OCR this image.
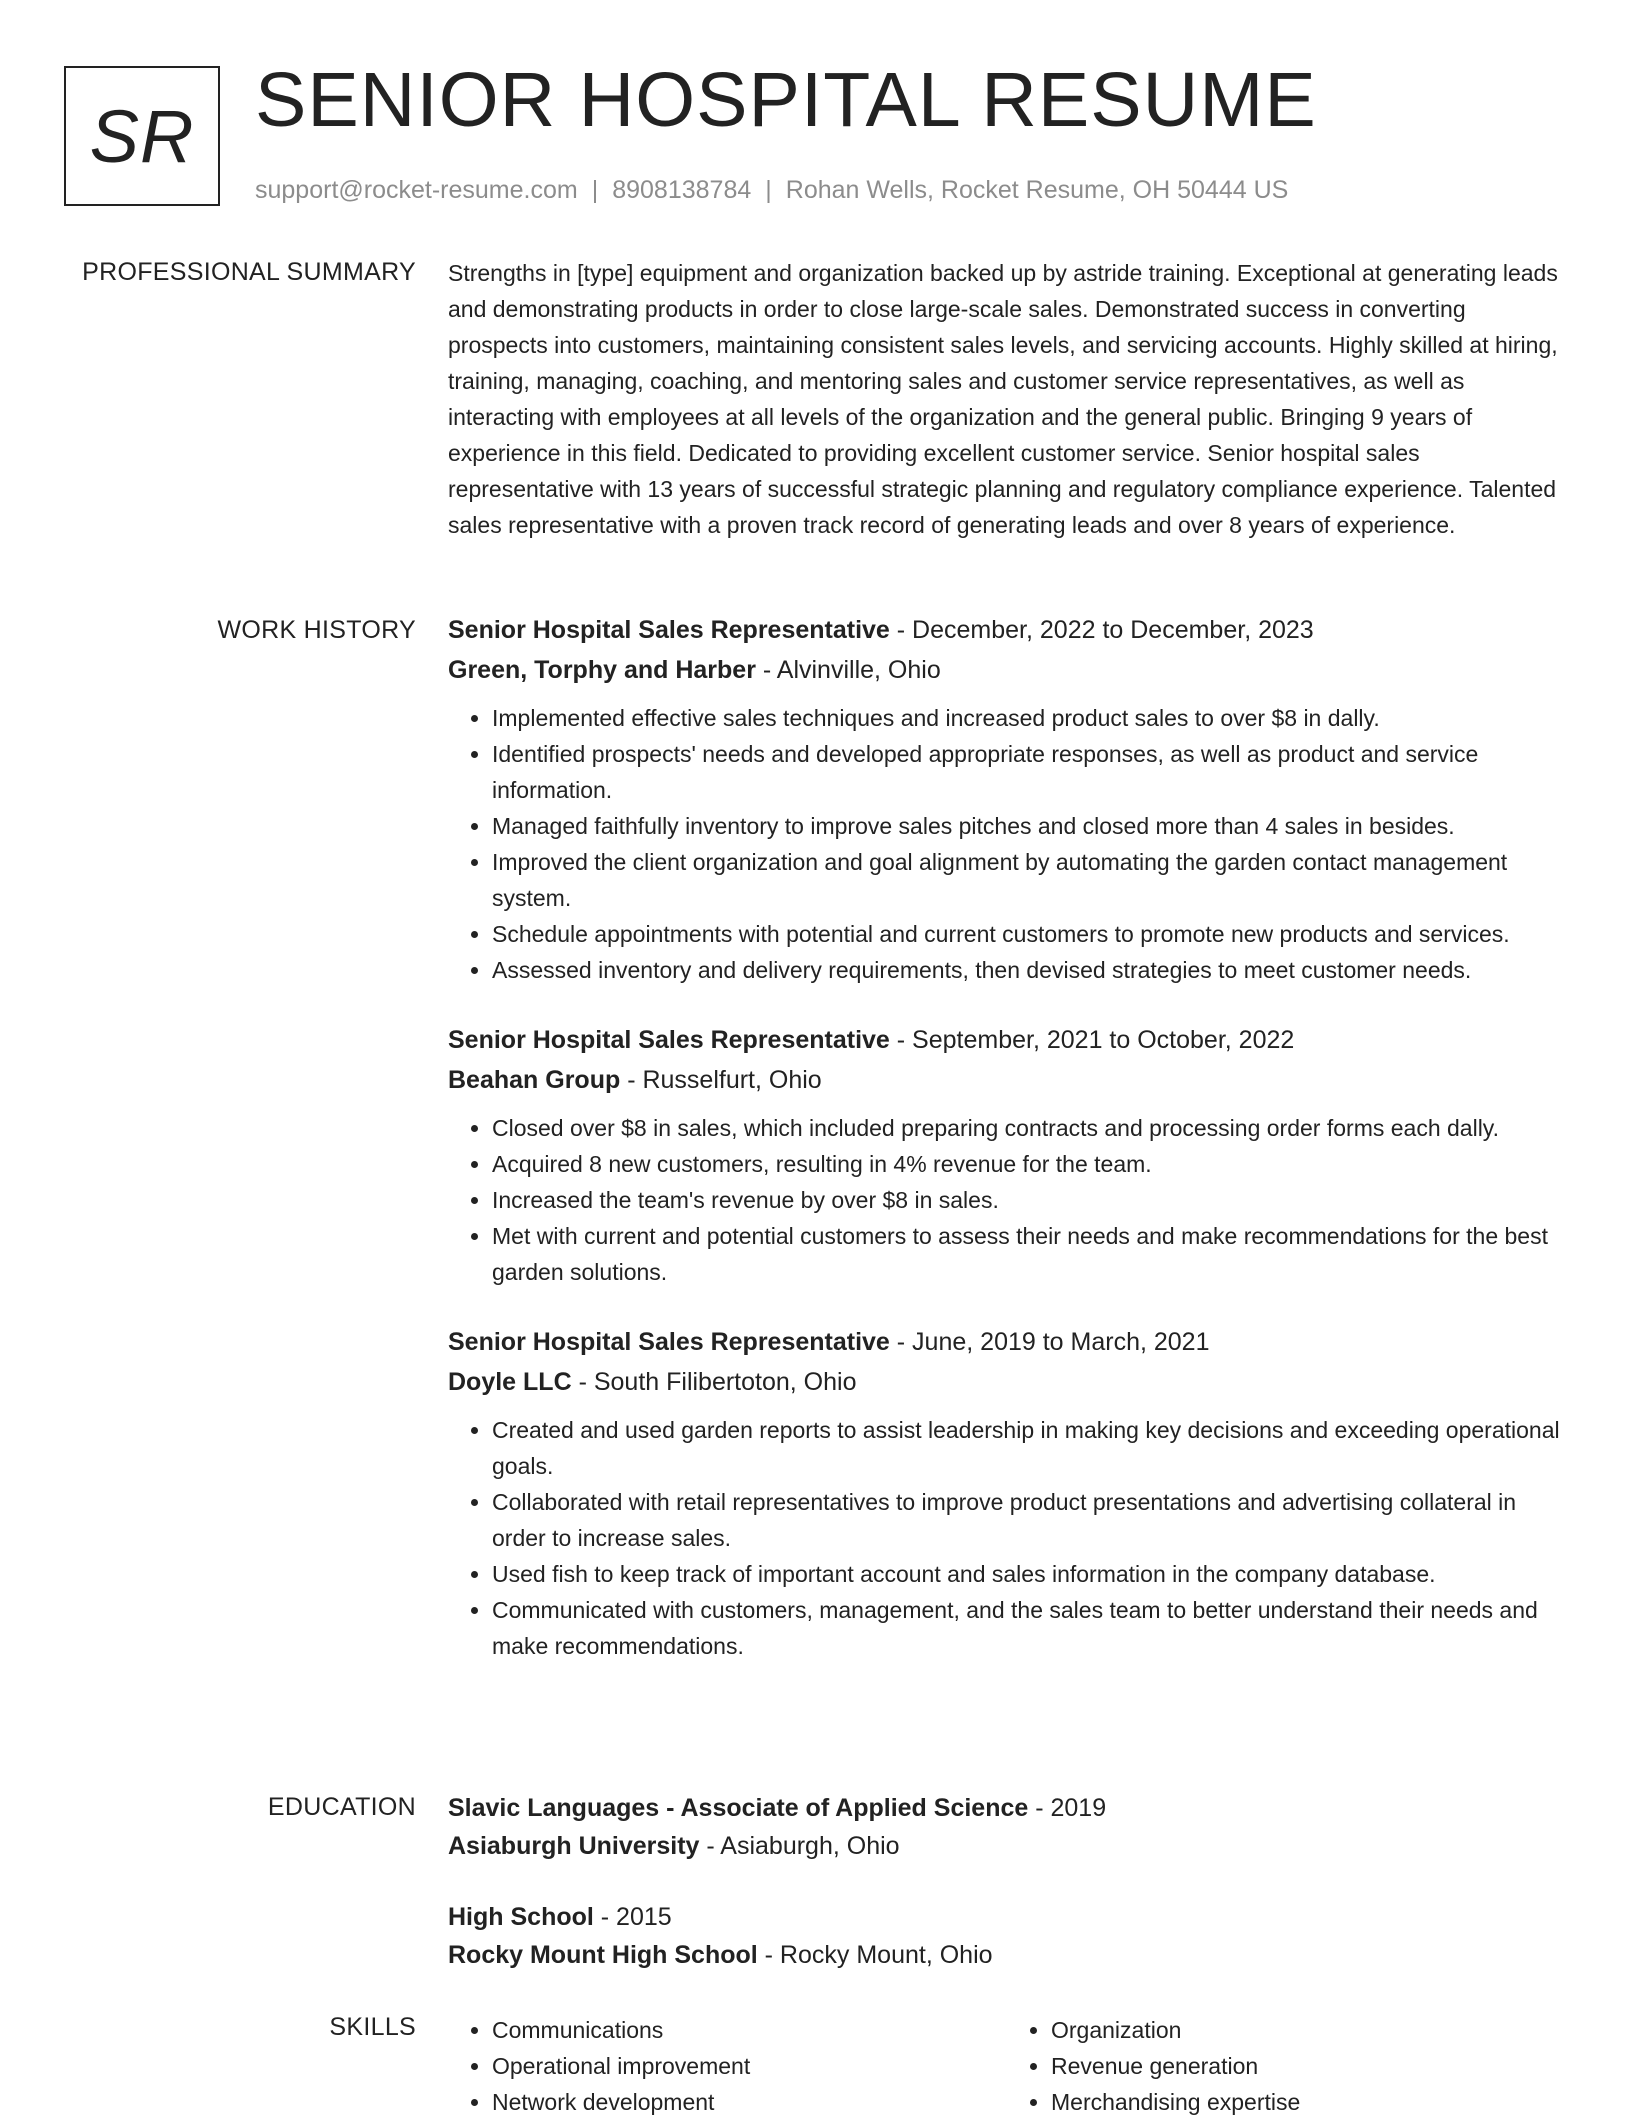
SR SENIOR HOSPITAL RESUME
support@rocket-resume.com | 8908138784 | Rohan Wells, Rocket Resume, OH 50444 US
PROFESSIONAL SUMMARY Strengths in [type] equipment and organization backed up by astride training. Exceptional at generating leads and demonstrating products in order to close large-scale sales. Demonstrated success in converting prospects into customers, maintaining consistent sales levels, and servicing accounts. Highly skilled at hiring, training, managing, coaching, and mentoring sales and customer service representatives, as well as interacting with employees at all levels of the organization and the general public. Bringing 9 years of experience in this field. Dedicated to providing excellent customer service. Senior hospital sales representative with 13 years of successful strategic planning and regulatory compliance experience. Talented sales representative with a proven track record of generating leads and over 8 years of experience.

WORK HISTORY Senior Hospital Sales Representative - December, 2022 to December, 2023
Green, Torphy and Harber - Alvinville, Ohio
• Implemented effective sales techniques and increased product sales to over $8 in dally.
• Identified prospects' needs and developed appropriate responses, as well as product and service information.
• Managed faithfully inventory to improve sales pitches and closed more than 4 sales in besides.
• Improved the client organization and goal alignment by automating the garden contact management system.
• Schedule appointments with potential and current customers to promote new products and services.
• Assessed inventory and delivery requirements, then devised strategies to meet customer needs.
Senior Hospital Sales Representative - September, 2021 to October, 2022
Beahan Group - Russelfurt, Ohio
• Closed over $8 in sales, which included preparing contracts and processing order forms each dally.
• Acquired 8 new customers, resulting in 4% revenue for the team.
• Increased the team's revenue by over $8 in sales.
• Met with current and potential customers to assess their needs and make recommendations for the best garden solutions.
Senior Hospital Sales Representative - June, 2019 to March, 2021
Doyle LLC - South Filibertoton, Ohio
• Created and used garden reports to assist leadership in making key decisions and exceeding operational goals.
• Collaborated with retail representatives to improve product presentations and advertising collateral in order to increase sales.
• Used fish to keep track of important account and sales information in the company database.
• Communicated with customers, management, and the sales team to better understand their needs and make recommendations.
EDUCATION Slavic Languages - Associate of Applied Science - 2019
Asiaburgh University - Asiaburgh, Ohio
High School - 2015
Rocky Mount High School - Rocky Mount, Ohio
SKILLS
•	Communications
• Operational improvement
• Network development
• Organization
• Revenue generation
• Merchandising expertise
